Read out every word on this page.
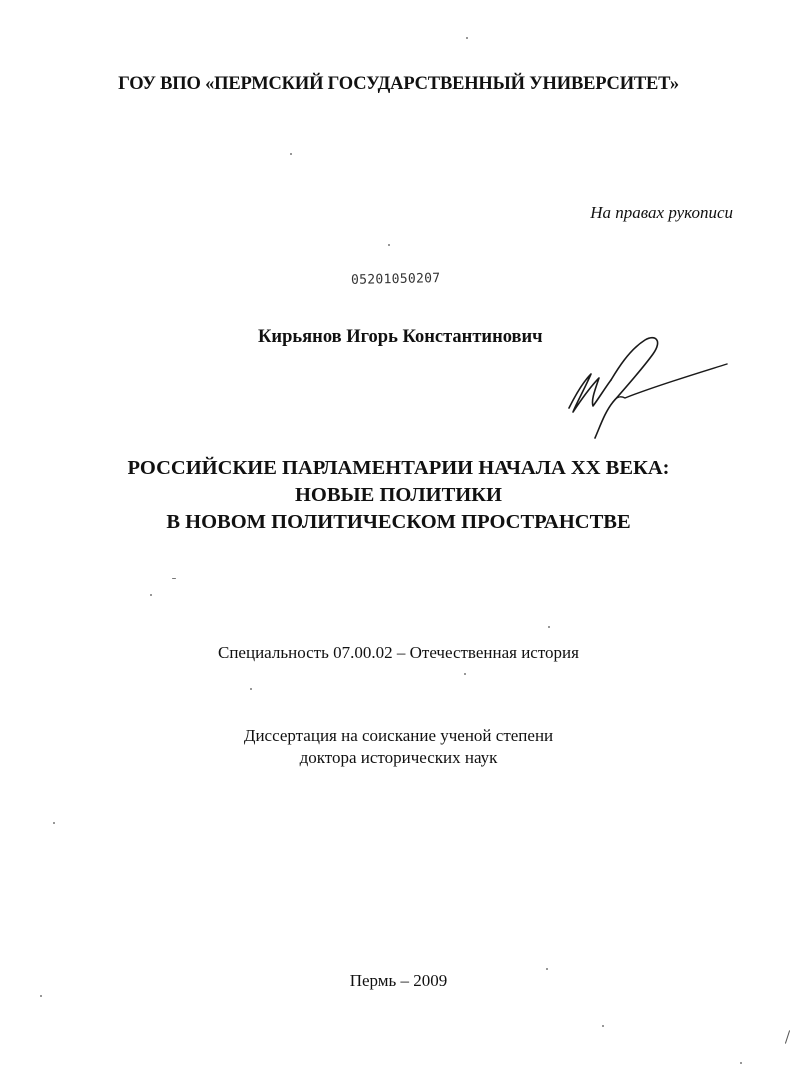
ГОУ ВПО «ПЕРМСКИЙ ГОСУДАРСТВЕННЫЙ УНИВЕРСИТЕТ»
На правах рукописи
05201050207
Кирьянов Игорь Константинович
РОССИЙСКИЕ ПАРЛАМЕНТАРИИ НАЧАЛА XX ВЕКА:
НОВЫЕ ПОЛИТИКИ
В НОВОМ ПОЛИТИЧЕСКОМ ПРОСТРАНСТВЕ
Специальность 07.00.02 – Отечественная история
Диссертация на соискание ученой степени
доктора исторических наук
Пермь – 2009
